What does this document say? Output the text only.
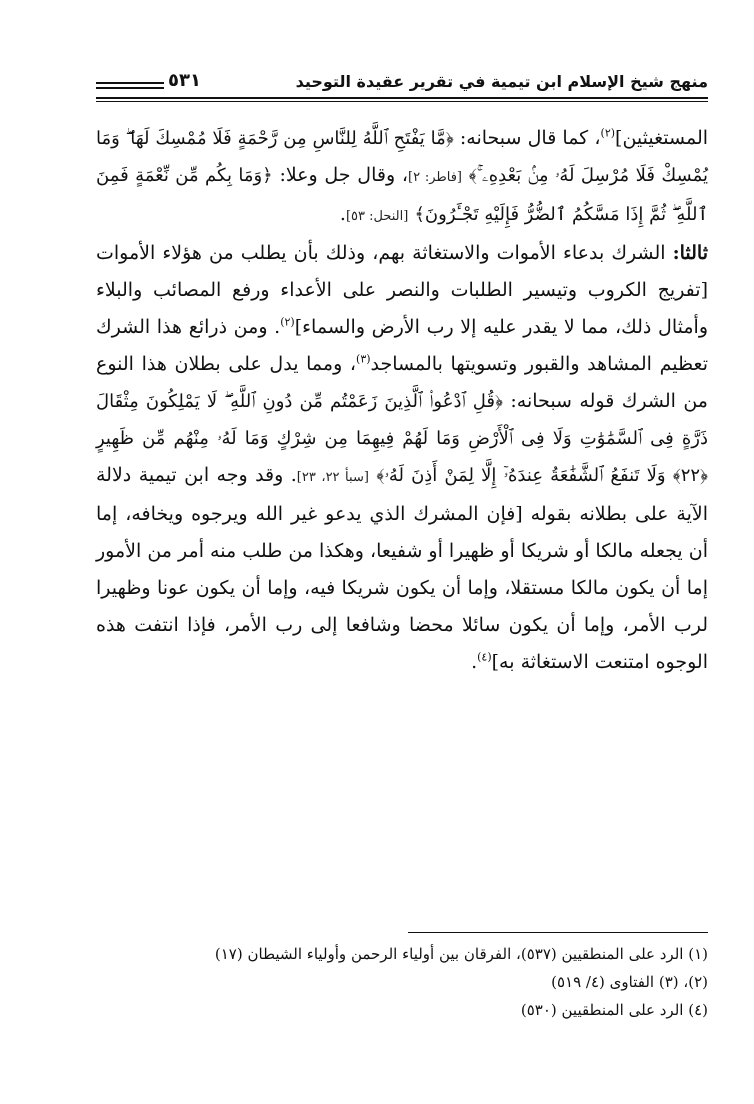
منهج شيخ الإسلام ابن تيمية في تقرير عقيدة التوحيد
٥٣١

المستغيثين]$^{(٢)}$، كما قال سبحانه: ﴿مَّا يَفْتَحِ ٱللَّهُ لِلنَّاسِ مِن رَّحْمَةٍ فَلَا مُمْسِكَ لَهَا ۖ وَمَا يُمْسِكْ فَلَا مُرْسِلَ لَهُۥ مِنۢ بَعْدِهِۦ ۚ﴾ [فاطر: ٢]، وقال جل وعلا: ﴿وَمَا بِكُم مِّن نِّعْمَةٍ فَمِنَ ٱللَّهِ ۖ ثُمَّ إِذَا مَسَّكُمُ ٱلضُّرُّ فَإِلَيْهِ تَجْـَٔرُونَ﴾ [النحل: ٥٣].

ثالثا: الشرك بدعاء الأموات والاستغاثة بهم، وذلك بأن يطلب من هؤلاء الأموات [تفريج الكروب وتيسير الطلبات والنصر على الأعداء ورفع المصائب والبلاء وأمثال ذلك، مما لا يقدر عليه إلا رب الأرض والسماء]$^{(٢)}$. ومن ذرائع هذا الشرك تعظيم المشاهد والقبور وتسويتها بالمساجد$^{(٣)}$، ومما يدل على بطلان هذا النوع من الشرك قوله سبحانه: ﴿قُلِ ٱدْعُوا۟ ٱلَّذِينَ زَعَمْتُم مِّن دُونِ ٱللَّهِ ۖ لَا يَمْلِكُونَ مِثْقَالَ ذَرَّةٍ فِى ٱلسَّمَٰوَٰتِ وَلَا فِى ٱلْأَرْضِ وَمَا لَهُمْ فِيهِمَا مِن شِرْكٍ وَمَا لَهُۥ مِنْهُم مِّن ظَهِيرٍ ﴿٢٢﴾ وَلَا تَنفَعُ ٱلشَّفَٰعَةُ عِندَهُۥٓ إِلَّا لِمَنْ أَذِنَ لَهُۥ﴾ [سبأ ٢٢، ٢٣]. وقد وجه ابن تيمية دلالة الآية على بطلانه بقوله [فإن المشرك الذي يدعو غير الله ويرجوه ويخافه، إما أن يجعله مالكا أو شريكا أو ظهيرا أو شفيعا، وهكذا من طلب منه أمر من الأمور إما أن يكون مالكا مستقلا، وإما أن يكون شريكا فيه، وإما أن يكون عونا وظهيرا لرب الأمر، وإما أن يكون سائلا محضا وشافعا إلى رب الأمر، فإذا انتفت هذه الوجوه امتنعت الاستغاثة به]$^{(٤)}$.

(١) الرد على المنطقيين (٥٣٧)، الفرقان بين أولياء الرحمن وأولياء الشيطان (١٧)
(٢)، (٣) الفتاوى (٤/ ٥١٩)
(٤) الرد على المنطقيين (٥٣٠)
